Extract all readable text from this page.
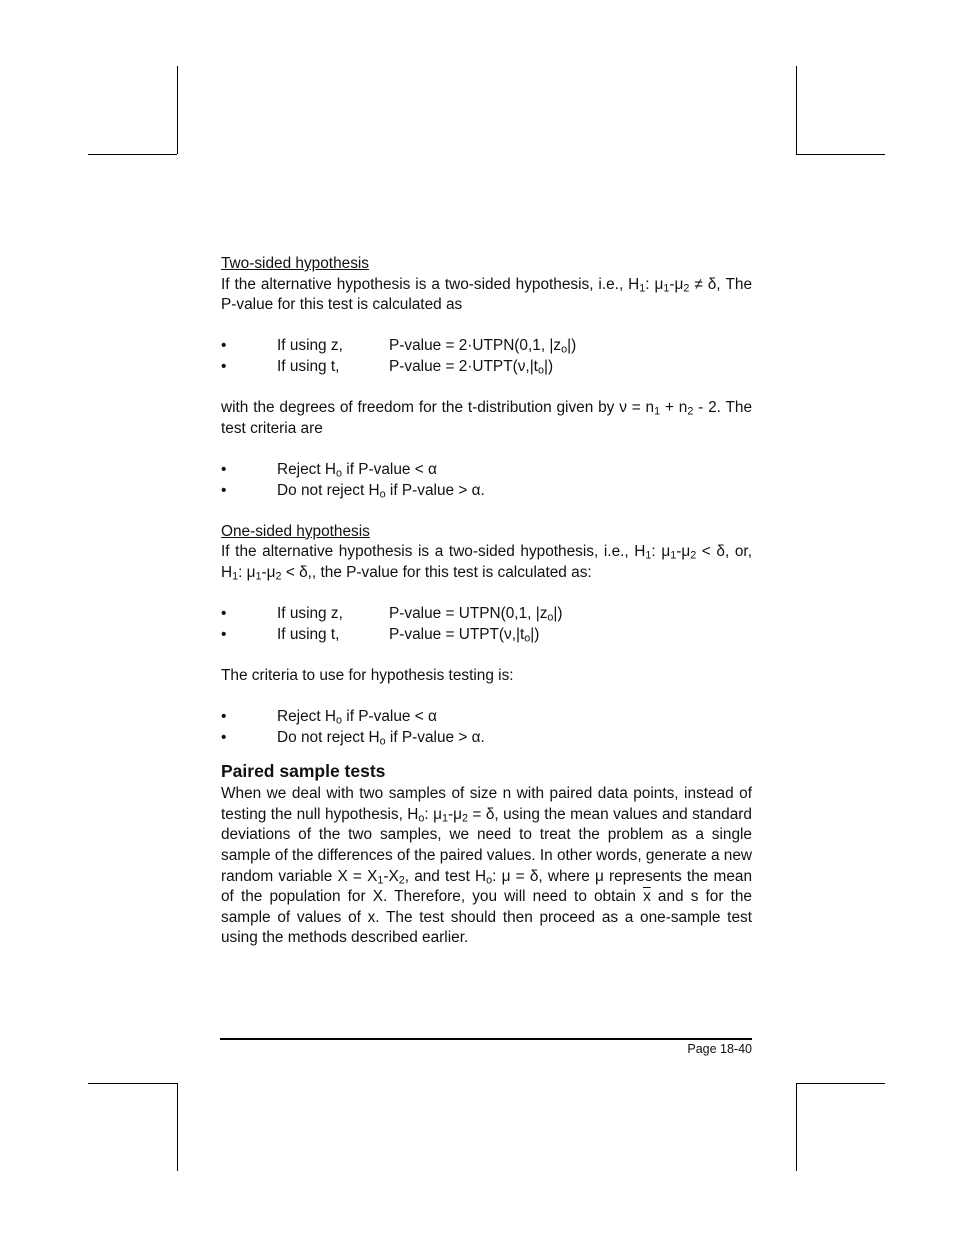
Two-sided hypothesis

If the alternative hypothesis is a two-sided hypothesis, i.e., $H_1$: $\mu_1-\mu_2 \ne \delta$, The P-value for this test is calculated as

•	If using z,	P-value = 2·UTPN(0,1, $|z_o|$)
•	If using t,	P-value = $2\cdot UTPT(\nu,|t_o|)$

with the degrees of freedom for the t-distribution given by $\nu = n_1 + n_2 - 2$. The test criteria are

•	Reject $H_o$ if P-value < α
•	Do not reject $H_o$ if P-value > α.

One-sided hypothesis

If the alternative hypothesis is a two-sided hypothesis, i.e., $H_1$: $\mu_1-\mu_2 < \delta$, or, $H_1$: $\mu_1-\mu_2 < \delta$,, the P-value for this test is calculated as:

•	If using z,	P-value = UTPN(0,1, $|z_o|$)
•	If using t,	P-value = $UTPT(\nu,|t_o|)$

The criteria to use for hypothesis testing is:

•	Reject $H_o$ if P-value < α
•	Do not reject $H_o$ if P-value > α.
Paired sample tests

When we deal with two samples of size n with paired data points, instead of testing the null hypothesis, $H_o$: $\mu_1-\mu_2 = \delta$, using the mean values and standard deviations of the two samples, we need to treat the problem as a single sample of the differences of the paired values. In other words, generate a new random variable $X = X_1-X_2$, and test $H_o$: μ = δ, where μ represents the mean of the population for X. Therefore, you will need to obtain $\overline{x}$ and s for the sample of values of x. The test should then proceed as a one-sample test using the methods described earlier.

Page 18-40
